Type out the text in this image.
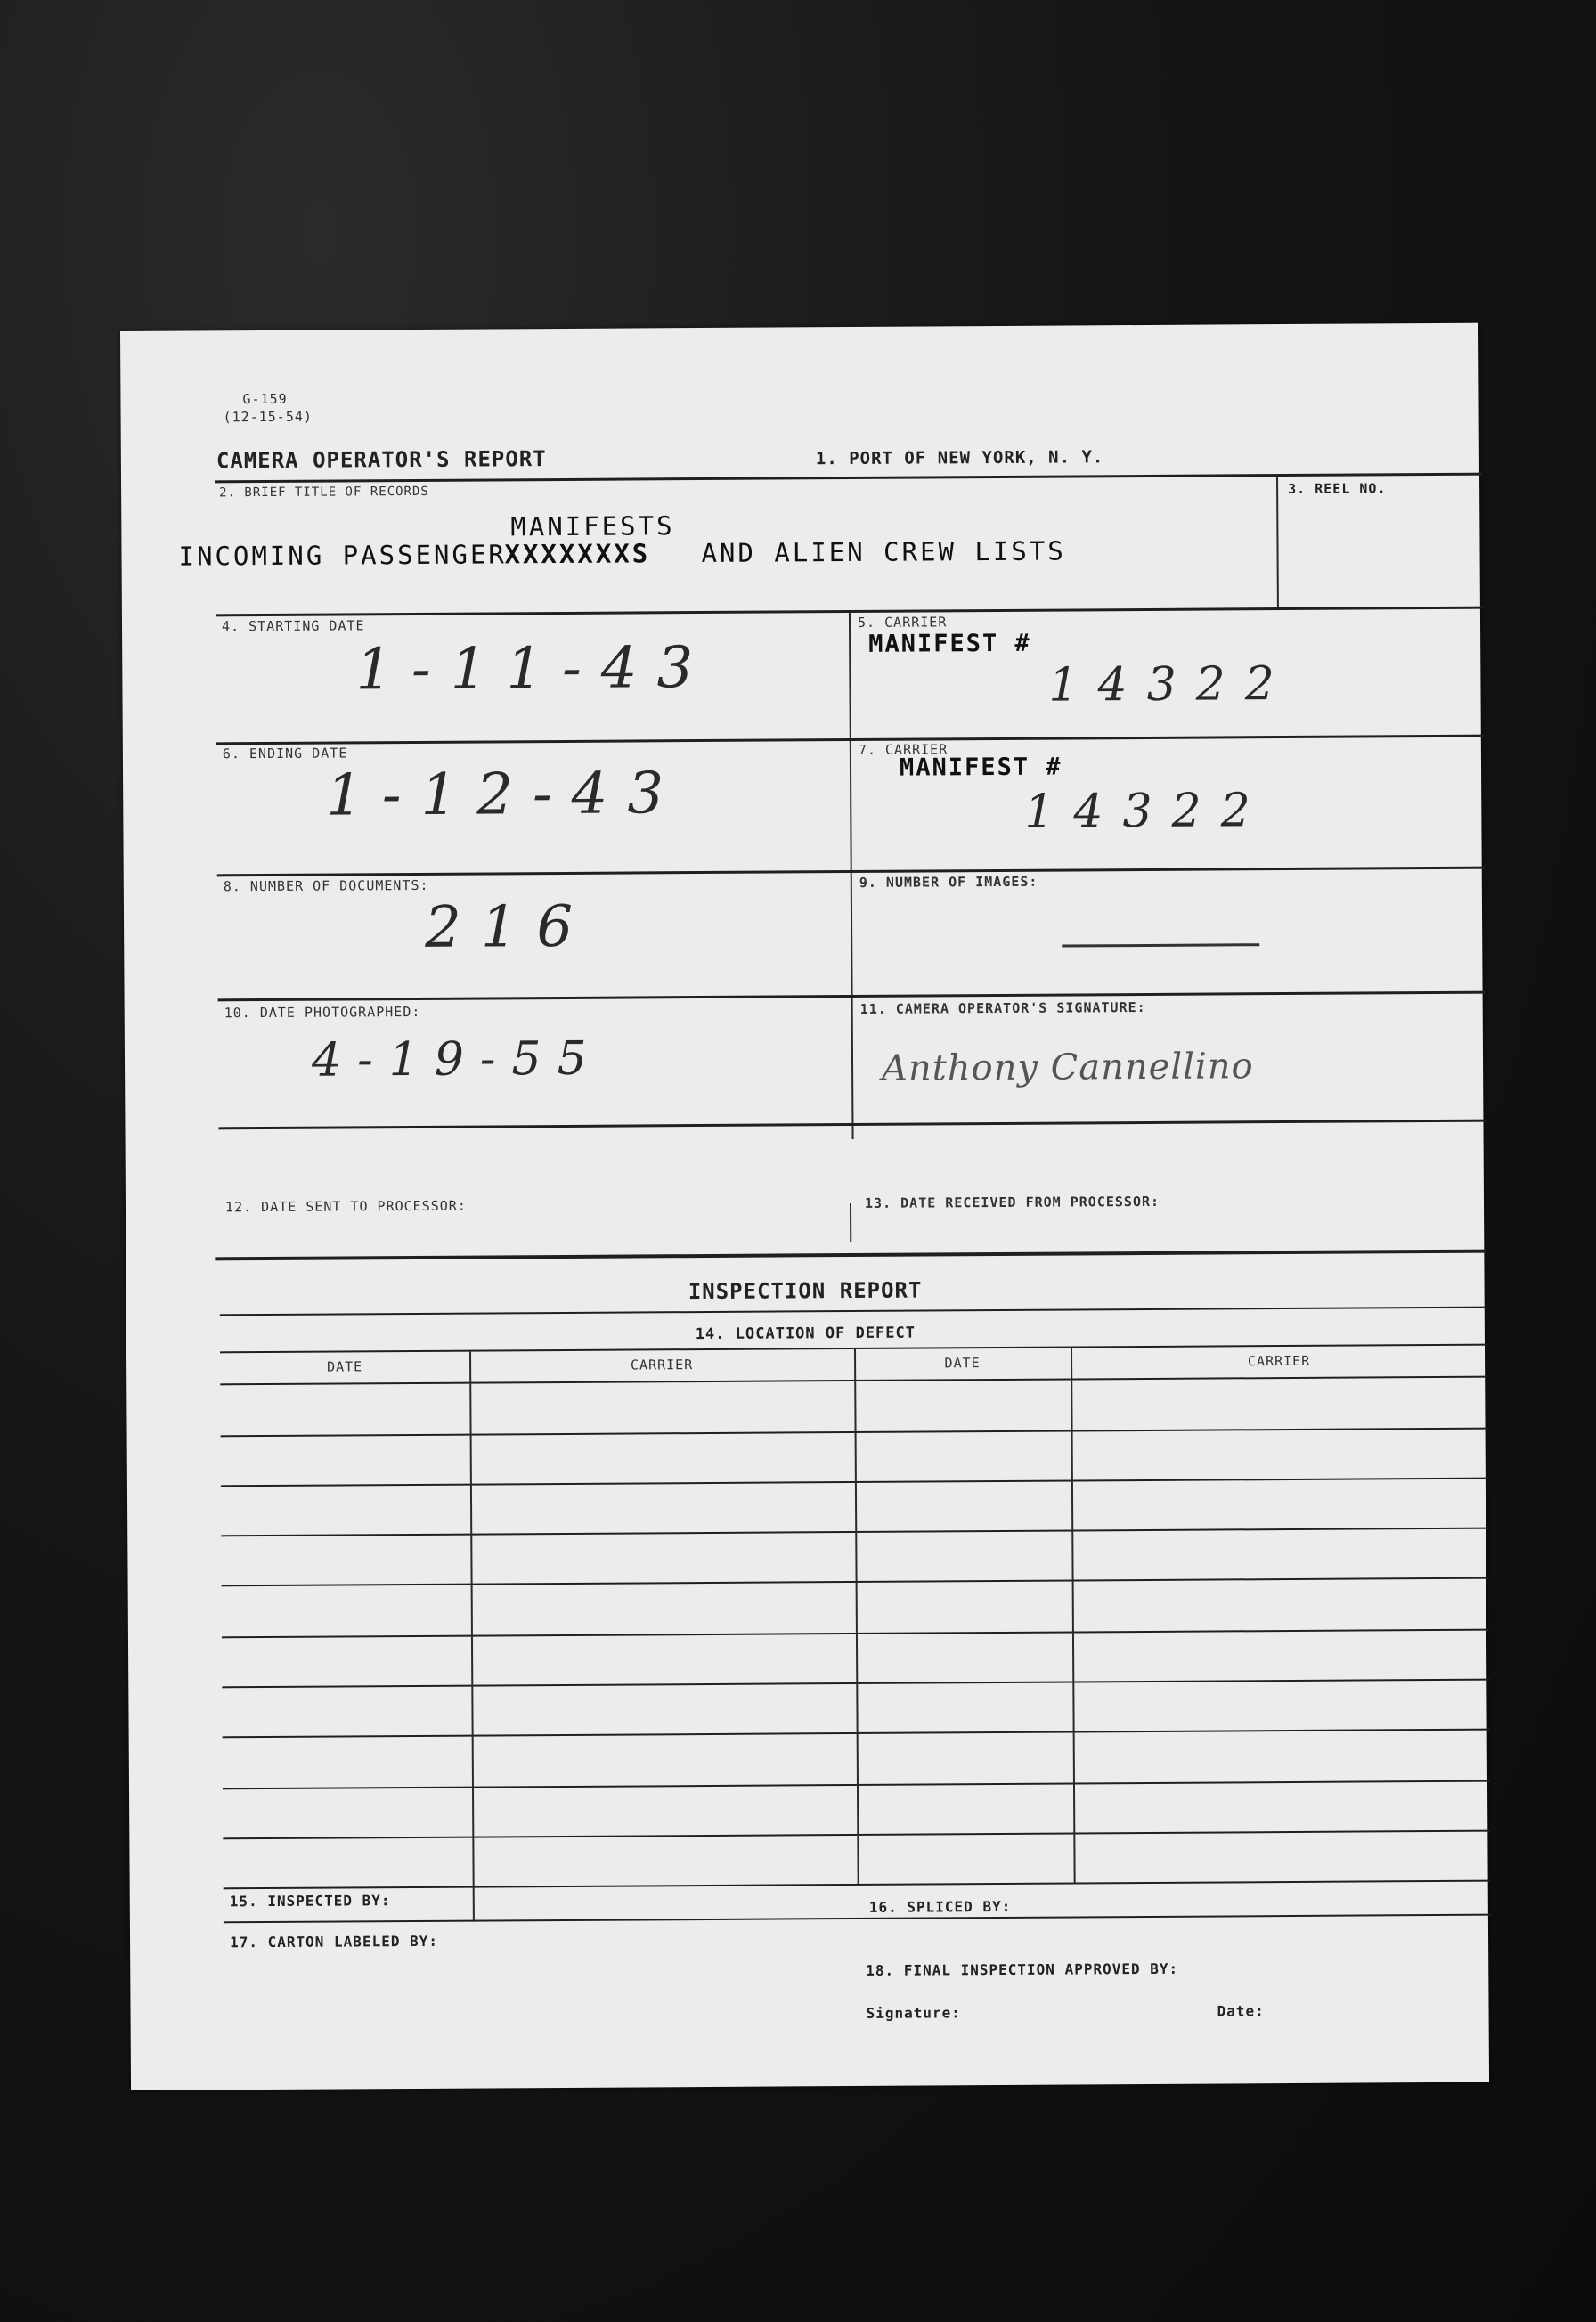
G-159
(12-15-54)
CAMERA OPERATOR'S REPORT	1. PORT OF NEW YORK, N. Y.
2. BRIEF TITLE OF RECORDS	3. REEL NO.
MANIFESTS
INCOMING PASSENGER
XXXXXXXS AND ALIEN CREW LISTS
4. STARTING DATE
1-11-43
5. CARRIER
MANIFEST #
14322
6. ENDING DATE
1-12-43
7. CARRIER
MANIFEST #
14322
8. NUMBER OF DOCUMENTS:
216
9. NUMBER OF IMAGES:
10. DATE PHOTOGRAPHED:
4-19-55
11. CAMERA OPERATOR'S SIGNATURE:
Anthony Cannellino
12. DATE SENT TO PROCESSOR:	13. DATE RECEIVED FROM PROCESSOR:
INSPECTION REPORT
14. LOCATION OF DEFECT
DATE	CARRIER	DATE	CARRIER
15. INSPECTED BY:	16. SPLICED BY:
17. CARTON LABELED BY:
18. FINAL INSPECTION APPROVED BY:
Signature:	Date:
